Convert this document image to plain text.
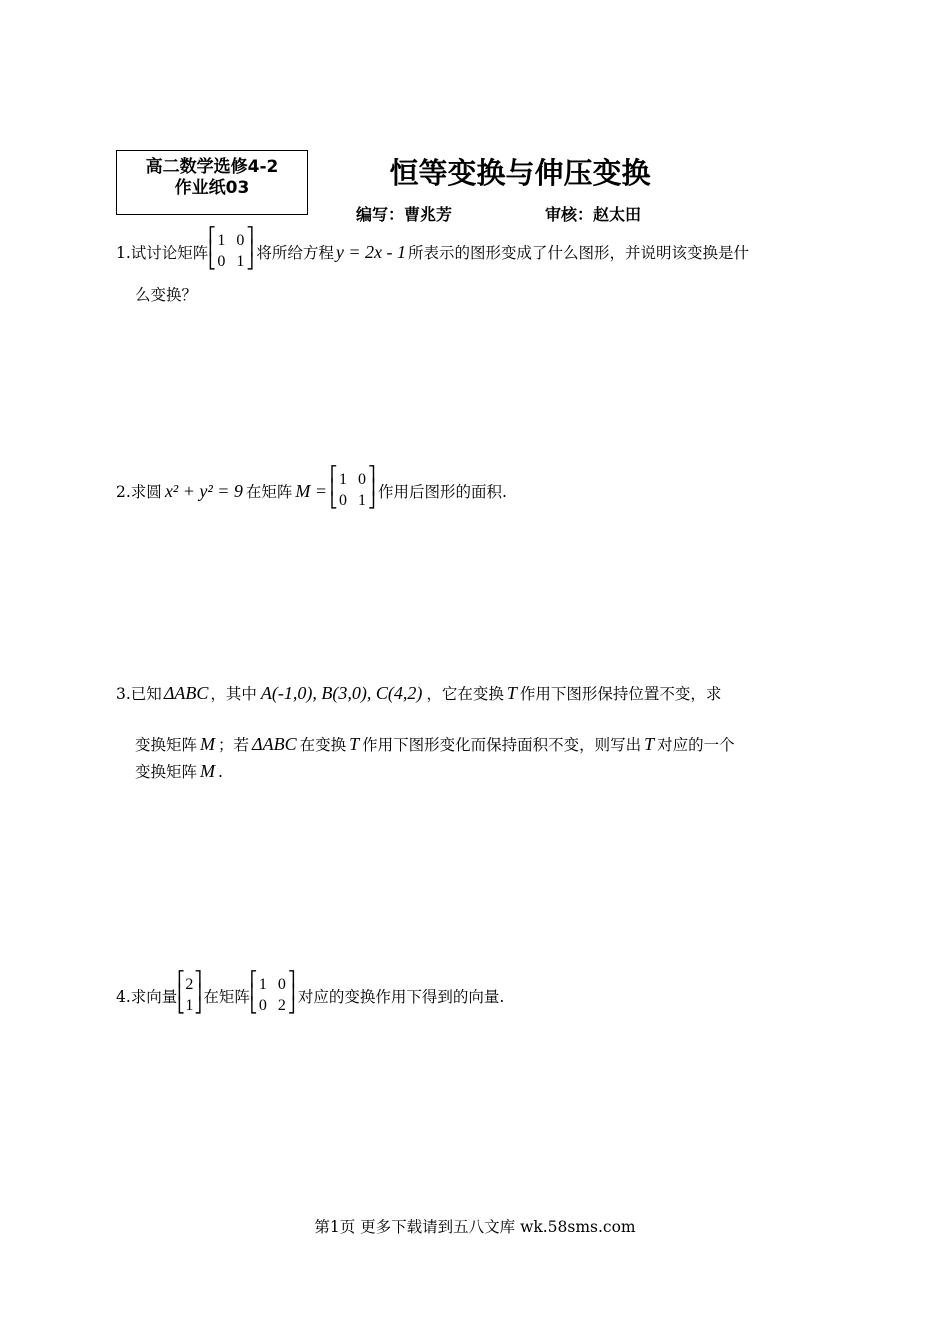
高二数学选修4-2
作业纸03	恒等变换与伸压变换
编写：曹兆芳	审核：赵太田
1.试讨论矩阵
⎡
⎢
⎣
1 0
0 1
⎤
⎥
⎦ 将所给方程 y = 2x - 1 所表示的图形变成了什么图形，并说明该变换是什
么变换？
2.求圆 x² + y² = 9 在矩阵 M =
⎡
⎢
⎣
1 0
0 1
⎤
⎥
⎦ 作用后图形的面积.
3.已知 ΔABC ，其中 A(-1,0), B(3,0), C(4,2) ，它在变换 T 作用下图形保持位置不变，求
变换矩阵 M ；若 ΔABC 在变换 T 作用下图形变化而保持面积不变，则写出 T 对应的一个
变换矩阵 M .
4.求向量
⎡
⎢
⎣
2
1
⎤
⎥
⎦ 在矩阵
⎡
⎢
⎣
1 0
0 2
⎤
⎥
⎦ 对应的变换作用下得到的向量.
第1页 更多下载请到五八文库 wk.58sms.com
